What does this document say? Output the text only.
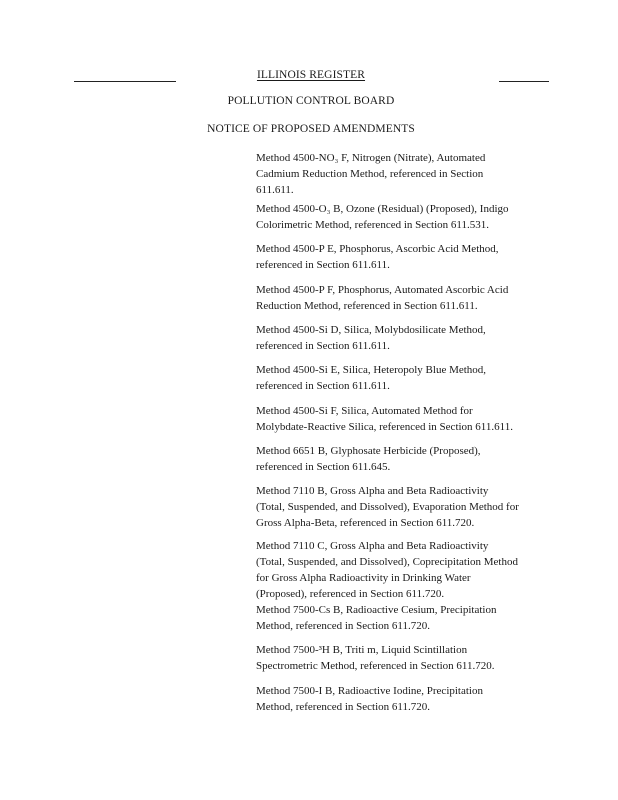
ILLINOIS REGISTER
POLLUTION CONTROL BOARD
NOTICE OF PROPOSED AMENDMENTS
Method 4500-NO₃ F, Nitrogen (Nitrate), Automated
Cadmium Reduction Method, referenced in Section
611.611.
Method 4500-O₃ B, Ozone (Residual) (Proposed), Indigo
Colorimetric Method, referenced in Section 611.531.
Method 4500-P E, Phosphorus, Ascorbic Acid Method,
referenced in Section 611.611.
Method 4500-P F, Phosphorus, Automated Ascorbic Acid
Reduction Method, referenced in Section 611.611.
Method 4500-Si D, Silica, Molybdosilicate Method,
referenced in Section 611.611.
Method 4500-Si E, Silica, Heteropoly Blue Method,
referenced in Section 611.611.
Method 4500-Si F, Silica, Automated Method for
Molybdate-Reactive Silica, referenced in Section 611.611.
Method 6651 B, Glyphosate Herbicide (Proposed),
referenced in Section 611.645.
Method 7110 B, Gross Alpha and Beta Radioactivity
(Total, Suspended, and Dissolved), Evaporation Method for
Gross Alpha-Beta, referenced in Section 611.720.
Method 7110 C, Gross Alpha and Beta Radioactivity
(Total, Suspended, and Dissolved), Coprecipitation Method
for Gross Alpha Radioactivity in Drinking Water
(Proposed), referenced in Section 611.720.
Method 7500-Cs B, Radioactive Cesium, Precipitation
Method, referenced in Section 611.720.
Method 7500-³H B, Triti m, Liquid Scintillation
Spectrometric Method, referenced in Section 611.720.
Method 7500-I B, Radioactive Iodine, Precipitation
Method, referenced in Section 611.720.
